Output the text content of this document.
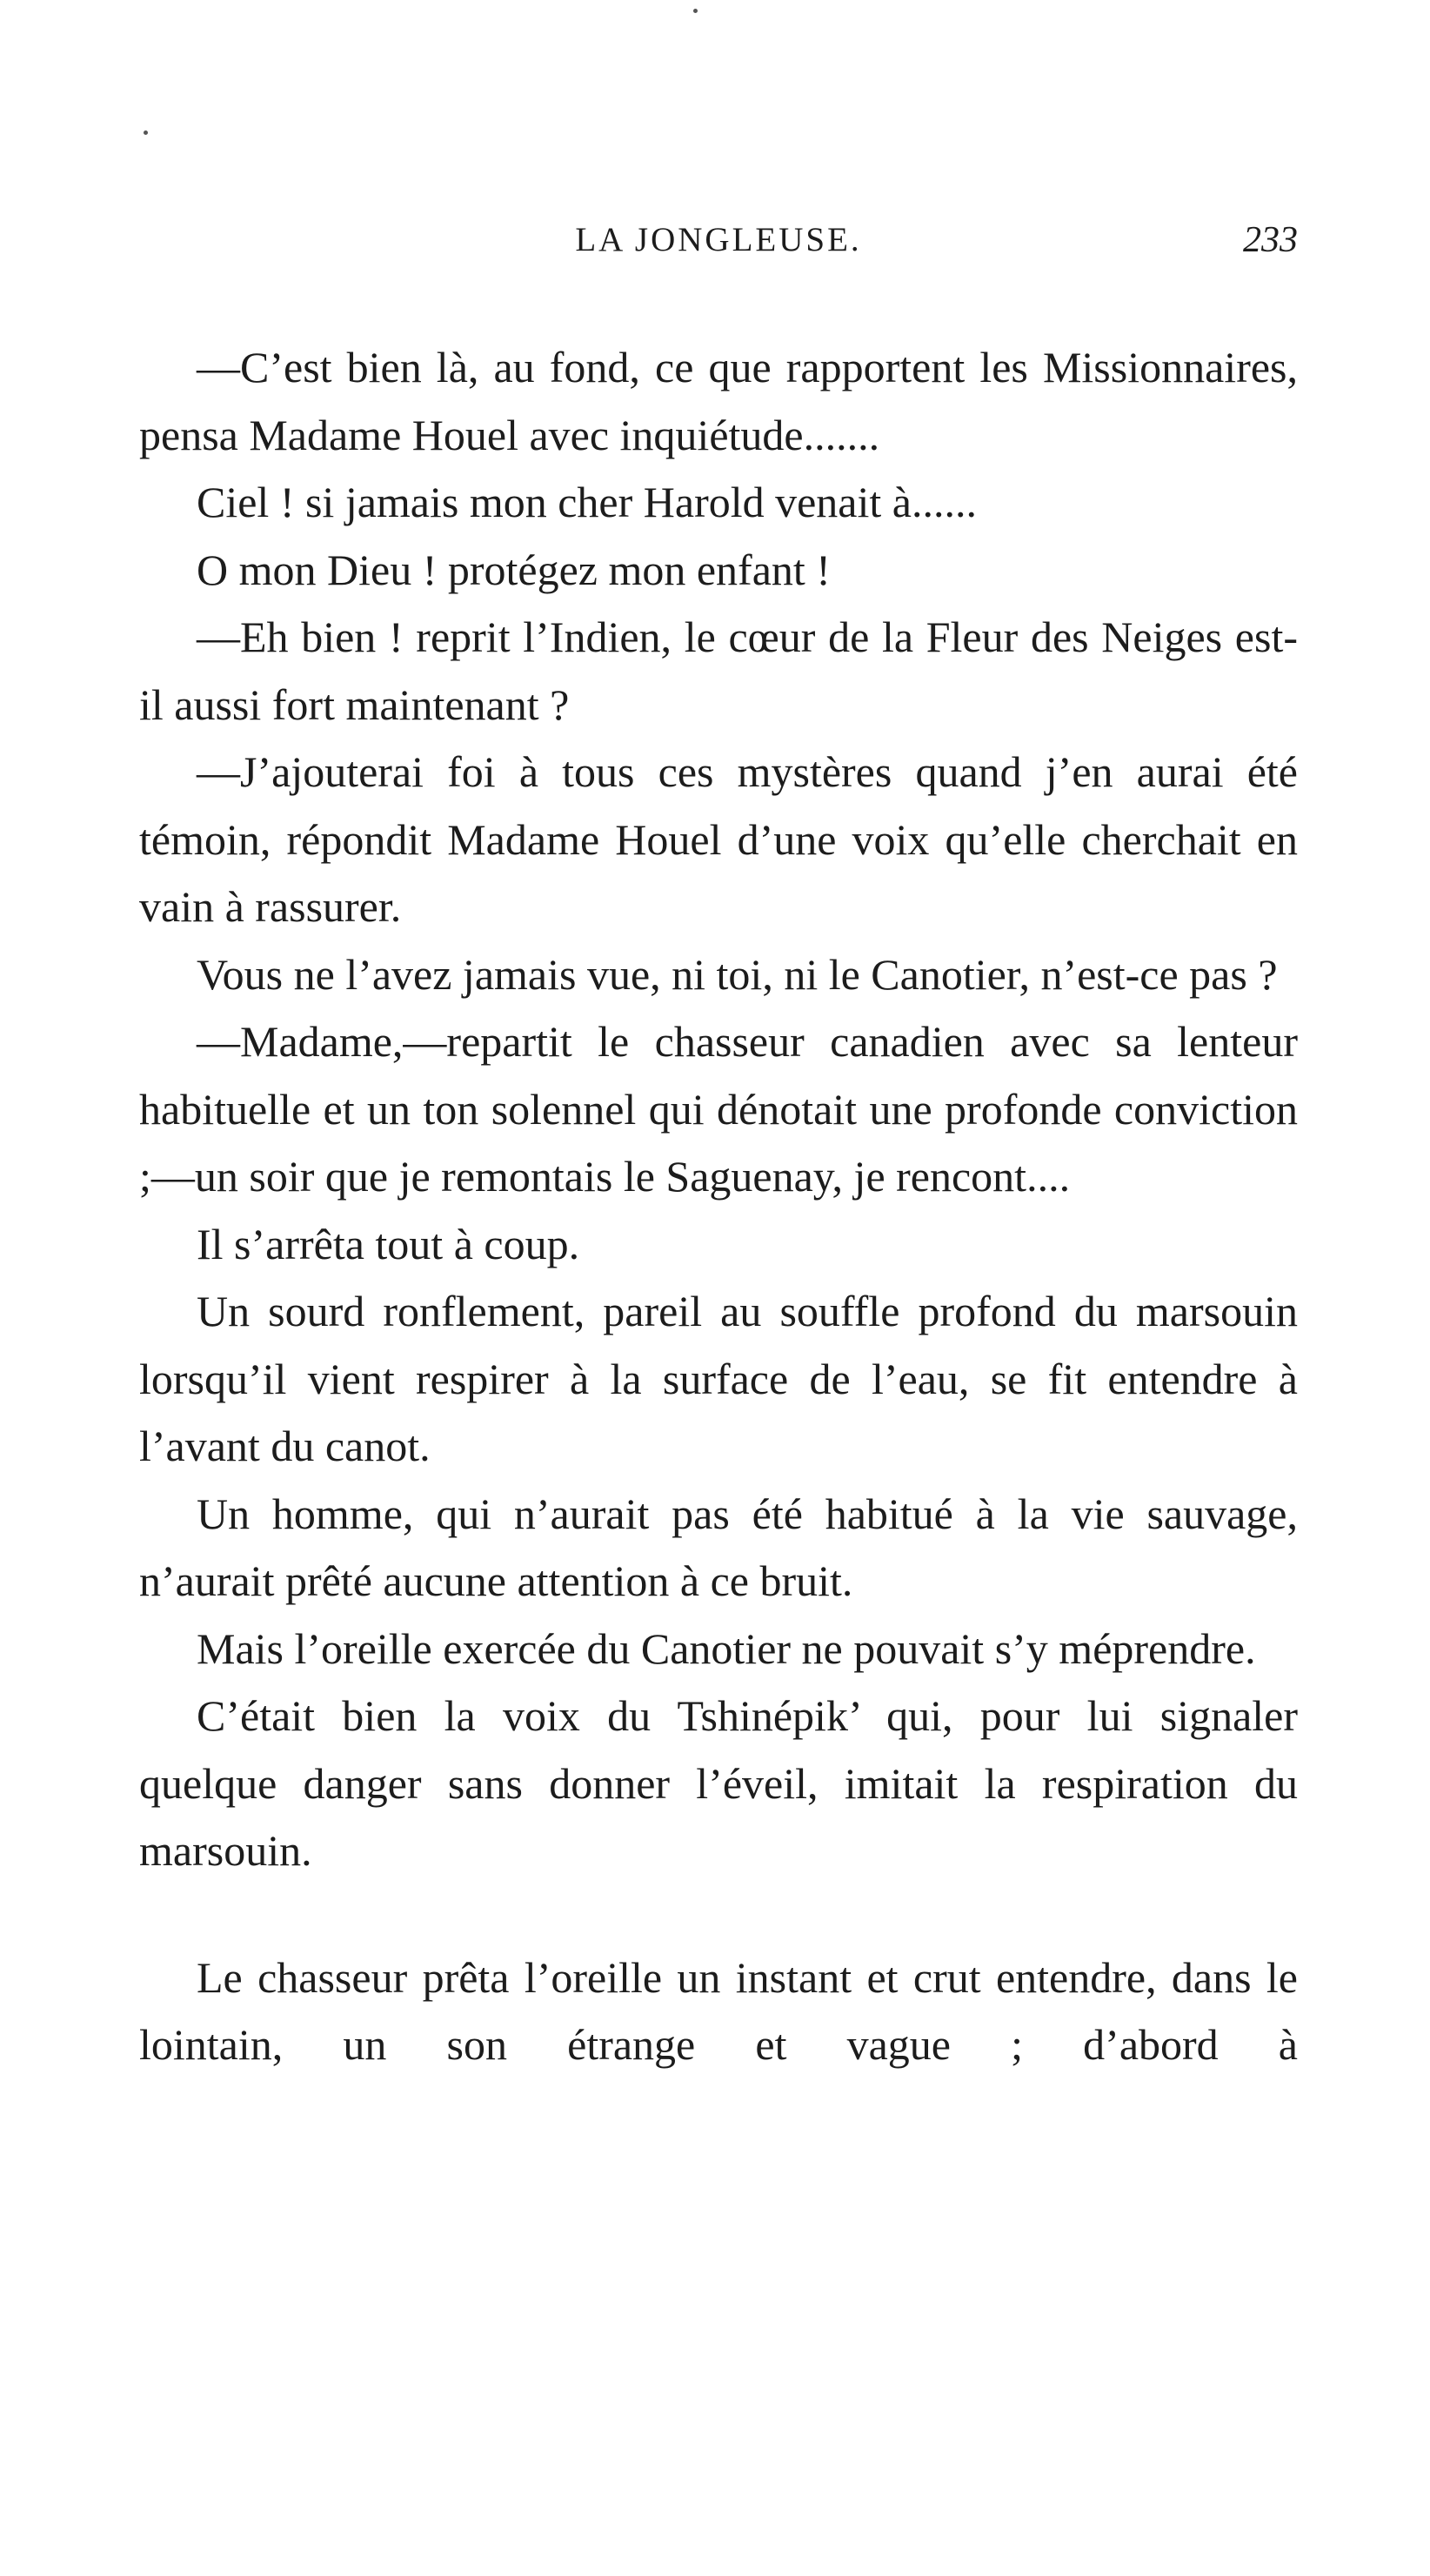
LA JONGLEUSE.	233

—C’est bien là, au fond, ce que rapportent les Missionnaires, pensa Madame Houel avec inquiétude.......

Ciel ! si jamais mon cher Harold venait à......

O mon Dieu ! protégez mon enfant !

—Eh bien ! reprit l’Indien, le cœur de la Fleur des Neiges est-il aussi fort maintenant ?

—J’ajouterai foi à tous ces mystères quand j’en aurai été témoin, répondit Madame Houel d’une voix qu’elle cherchait en vain à rassurer.

Vous ne l’avez jamais vue, ni toi, ni le Canotier, n’est-ce pas ?

—Madame,—repartit le chasseur canadien avec sa lenteur habituelle et un ton solennel qui dénotait une profonde conviction ;—un soir que je remontais le Saguenay, je rencont....

Il s’arrêta tout à coup.

Un sourd ronflement, pareil au souffle profond du marsouin lorsqu’il vient respirer à la surface de l’eau, se fit entendre à l’avant du canot.

Un homme, qui n’aurait pas été habitué à la vie sauvage, n’aurait prêté aucune attention à ce bruit.

Mais l’oreille exercée du Canotier ne pouvait s’y méprendre.

C’était bien la voix du Tshinépik’ qui, pour lui signaler quelque danger sans donner l’éveil, imitait la respiration du marsouin.

Le chasseur prêta l’oreille un instant et crut entendre, dans le lointain, un son étrange et vague ; d’abord à
